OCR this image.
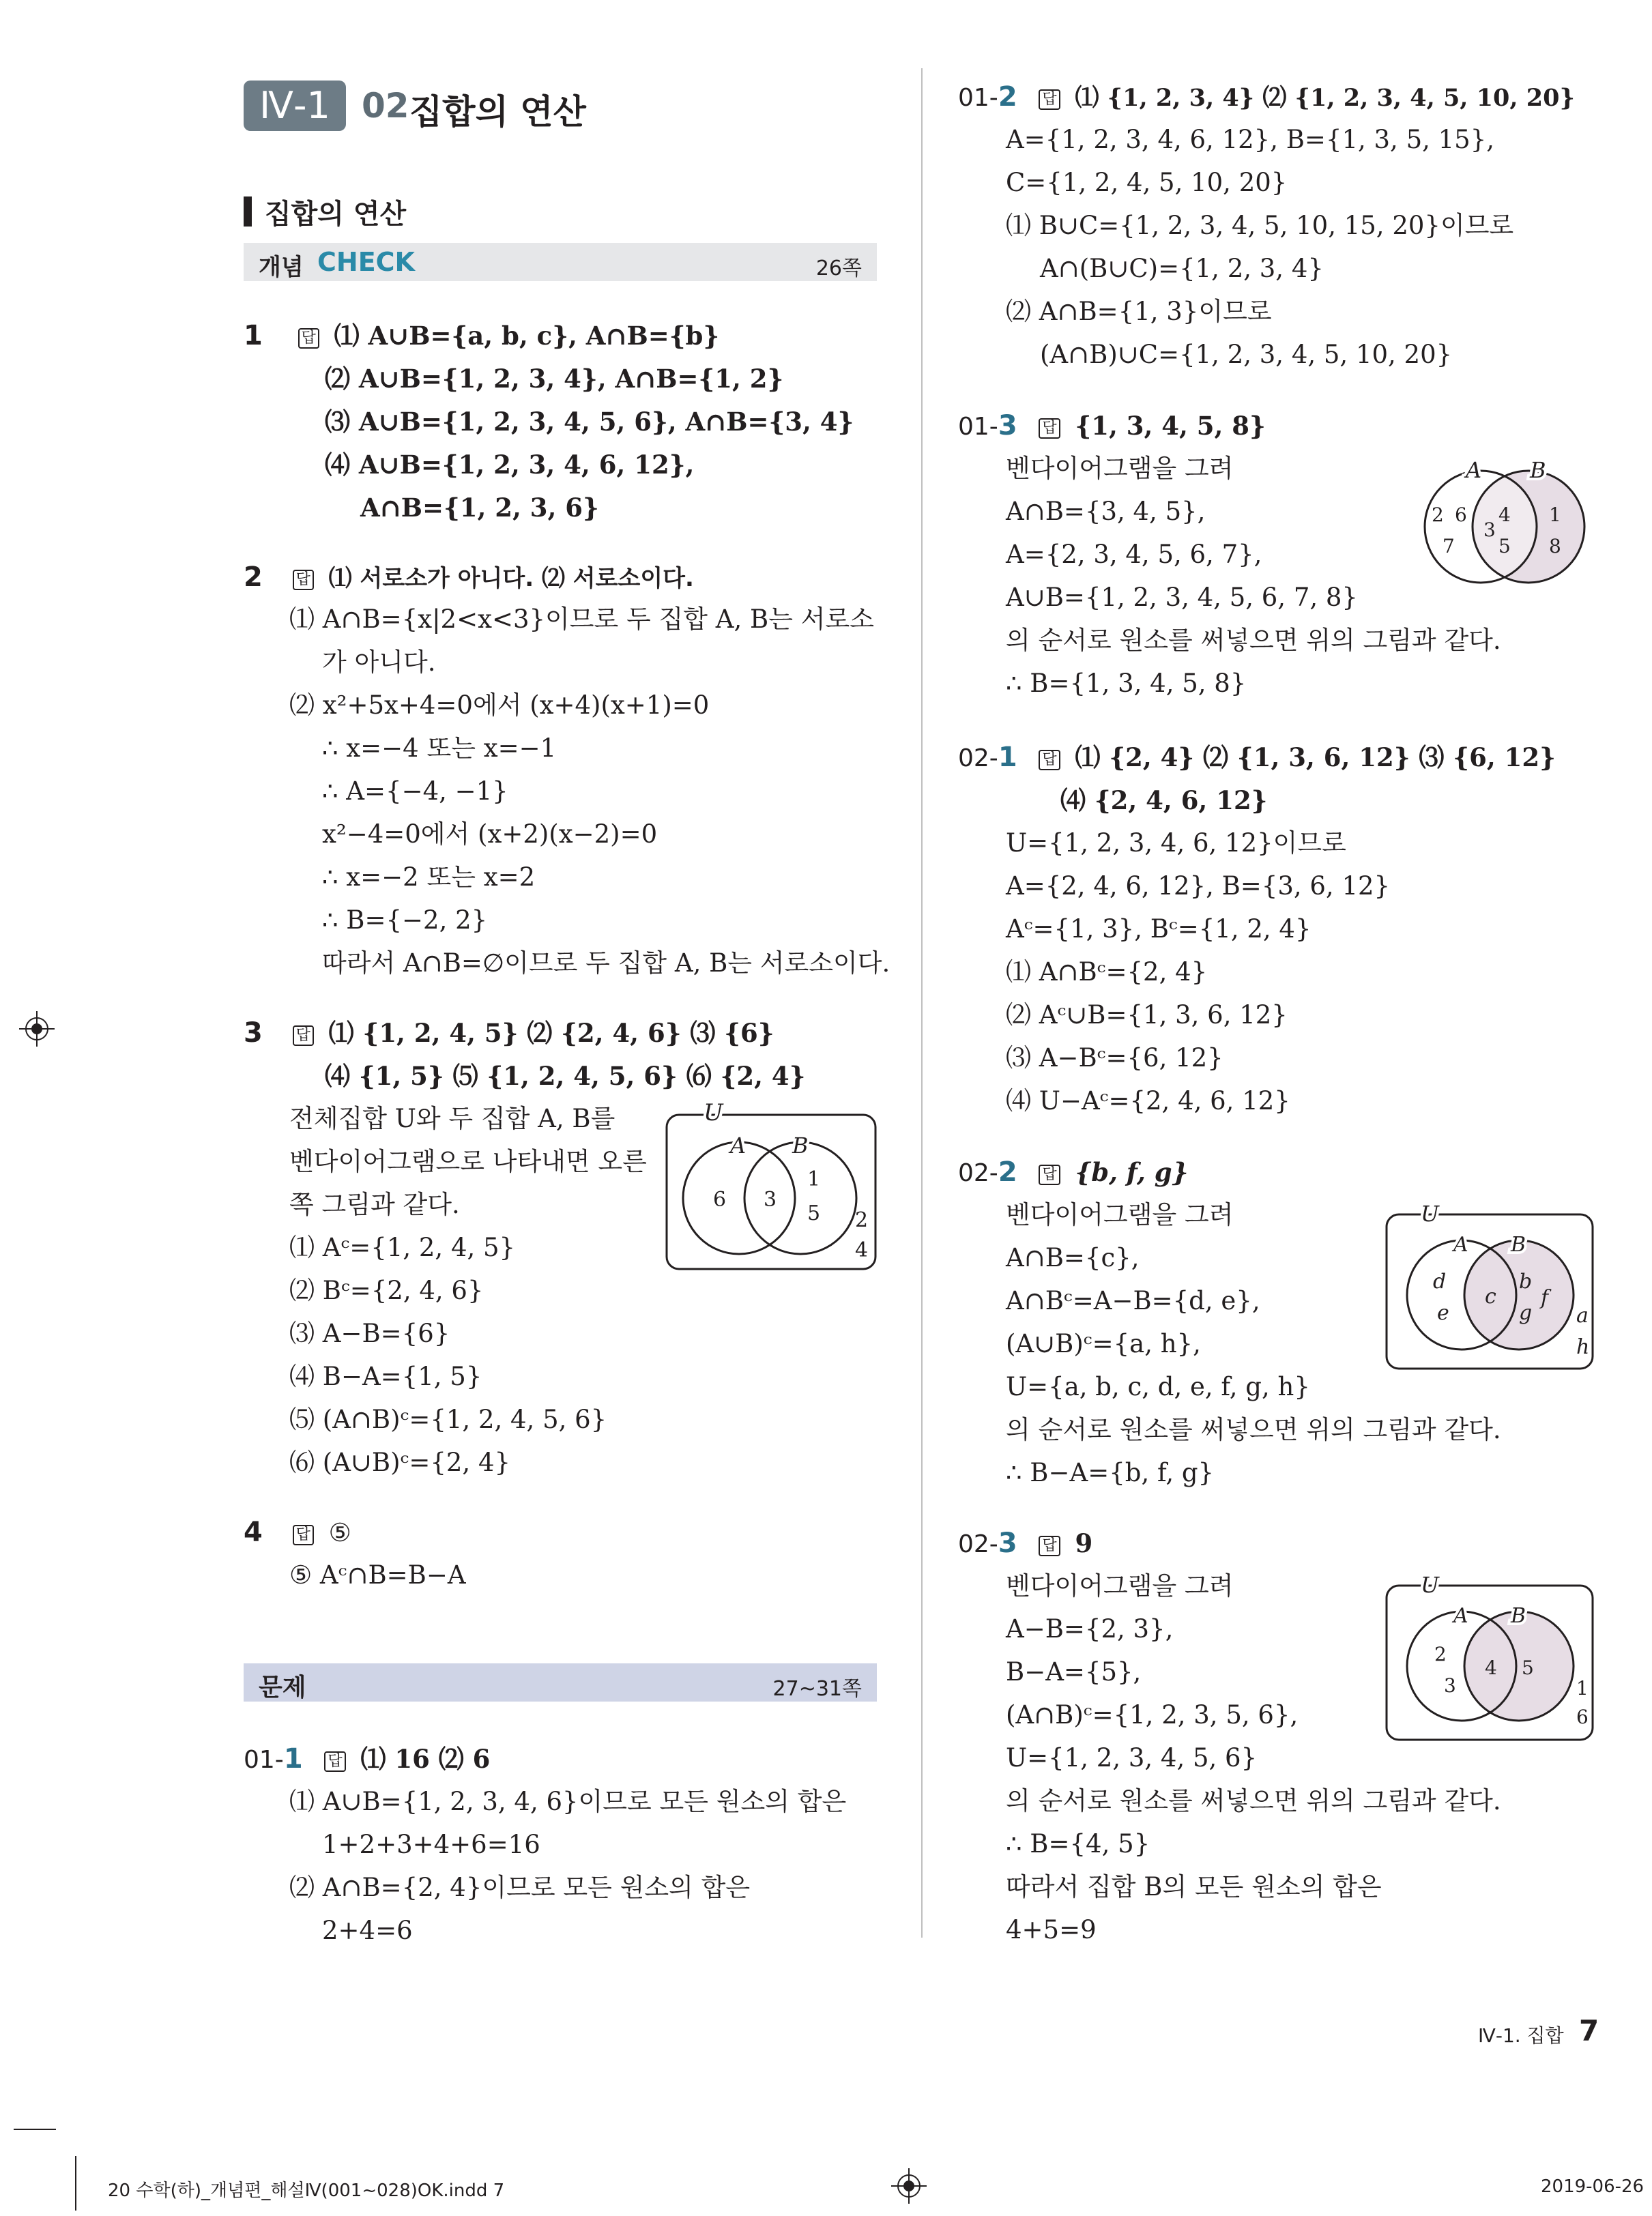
Ⅳ-1 02 집합의 연산
집합의 연산
개념 CHECK	26쪽
1	답 ⑴ A∪B={a, b, c}, A∩B={b}
⑵ A∪B={1, 2, 3, 4}, A∩B={1, 2}
⑶ A∪B={1, 2, 3, 4, 5, 6}, A∩B={3, 4}
⑷ A∪B={1, 2, 3, 4, 6, 12},
A∩B={1, 2, 3, 6}
2 답 ⑴ 서로소가 아니다. ⑵ 서로소이다.
⑴ A∩B={x|2<x<3}이므로 두 집합 A, B는 서로소
가 아니다.
⑵ x²+5x+4=0에서 (x+4)(x+1)=0
∴ x=−4 또는 x=−1
∴ A={−4, −1}
x²−4=0에서 (x+2)(x−2)=0
∴ x=−2 또는 x=2
∴ B={−2, 2}
따라서 A∩B=∅이므로 두 집합 A, B는 서로소이다.
3 답 ⑴ {1, 2, 4, 5} ⑵ {2, 4, 6} ⑶ {6}
⑷ {1, 5} ⑸ {1, 2, 4, 5, 6} ⑹ {2, 4}
전체집합 U와 두 집합 A, B를
벤다이어그램으로 나타내면 오른
쪽 그림과 같다.
⑴ Aᶜ={1, 2, 4, 5}
⑵ Bᶜ={2, 4, 6}
⑶ A−B={6}
⑷ B−A={1, 5}
⑸ (A∩B)ᶜ={1, 2, 4, 5, 6}
⑹ (A∪B)ᶜ={2, 4}
U
A B
6 3
1
5 2
4
4 답 ⑤
⑤ Aᶜ∩B=B−A
문제	27~31쪽
01-1 답 ⑴ 16 ⑵ 6
⑴ A∪B={1, 2, 3, 4, 6}이므로 모든 원소의 합은
1+2+3+4+6=16
⑵ A∩B={2, 4}이므로 모든 원소의 합은
2+4=6
01-2 답 ⑴ {1, 2, 3, 4} ⑵ {1, 2, 3, 4, 5, 10, 20}
A={1, 2, 3, 4, 6, 12}, B={1, 3, 5, 15},
C={1, 2, 4, 5, 10, 20}
⑴ B∪C={1, 2, 3, 4, 5, 10, 15, 20}이므로
A∩(B∪C)={1, 2, 3, 4}
⑵ A∩B={1, 3}이므로
(A∩B)∪C={1, 2, 3, 4, 5, 10, 20}
01-3 답 {1, 3, 4, 5, 8}
벤다이어그램을 그려
A∩B={3, 4, 5},
A={2, 3, 4, 5, 6, 7},
A∪B={1, 2, 3, 4, 5, 6, 7, 8}
의 순서로 원소를 써넣으면 위의 그림과 같다.
∴ B={1, 3, 4, 5, 8}
A B
2 6
7
4
3
5
1
8
02-1 답 ⑴ {2, 4} ⑵ {1, 3, 6, 12} ⑶ {6, 12}
⑷ {2, 4, 6, 12}
U={1, 2, 3, 4, 6, 12}이므로
A={2, 4, 6, 12}, B={3, 6, 12}
Aᶜ={1, 3}, Bᶜ={1, 2, 4}
⑴ A∩Bᶜ={2, 4}
⑵ Aᶜ∪B={1, 3, 6, 12}
⑶ A−Bᶜ={6, 12}
⑷ U−Aᶜ={2, 4, 6, 12}
02-2 답 {b, f, g}
벤다이어그램을 그려
A∩B={c},
A∩Bᶜ=A−B={d, e},
(A∪B)ᶜ={a, h},
U={a, b, c, d, e, f, g, h}
의 순서로 원소를 써넣으면 위의 그림과 같다.
∴ B−A={b, f, g}
U
A B
d
e
c
b
f
g a
h
02-3 답 9
벤다이어그램을 그려
A−B={2, 3},
B−A={5},
(A∩B)ᶜ={1, 2, 3, 5, 6},
U={1, 2, 3, 4, 5, 6}
의 순서로 원소를 써넣으면 위의 그림과 같다.
∴ B={4, 5}
따라서 집합 B의 모든 원소의 합은
4+5=9
U
A B
2
3
4 5
1
6
Ⅳ-1. 집합 7
20 수학(하)_개념편_해설Ⅳ(001~028)OK.indd 7	2019-06-26
